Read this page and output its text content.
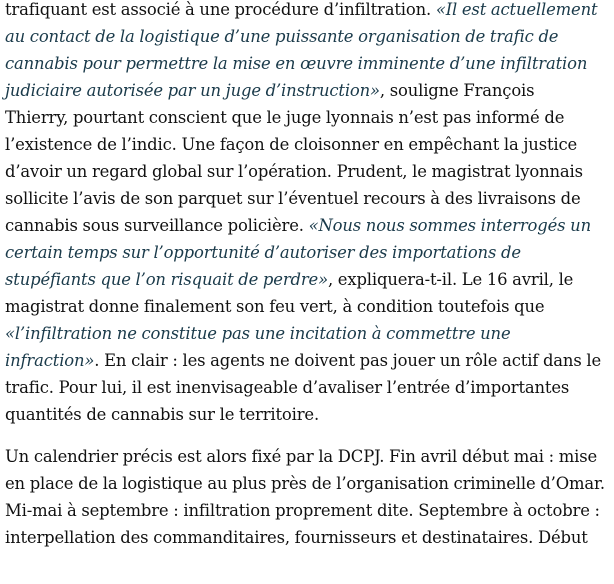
trafiquant est associé à une procédure d’infiltration. «Il est actuellement
au contact de la logistique d’une puissante organisation de trafic de
cannabis pour permettre la mise en œuvre imminente d’une infiltration
judiciaire autorisée par un juge d’instruction», souligne François
Thierry, pourtant conscient que le juge lyonnais n’est pas informé de
l’existence de l’indic. Une façon de cloisonner en empêchant la justice
d’avoir un regard global sur l’opération. Prudent, le magistrat lyonnais
sollicite l’avis de son parquet sur l’éventuel recours à des livraisons de
cannabis sous surveillance policière. «Nous nous sommes interrogés un
certain temps sur l’opportunité d’autoriser des importations de
stupéfiants que l’on risquait de perdre», expliquera-t-il. Le 16 avril, le
magistrat donne finalement son feu vert, à condition toutefois que
«l’infiltration ne constitue pas une incitation à commettre une
infraction». En clair : les agents ne doivent pas jouer un rôle actif dans le
trafic. Pour lui, il est inenvisageable d’avaliser l’entrée d’importantes
quantités de cannabis sur le territoire.
Un calendrier précis est alors fixé par la DCPJ. Fin avril début mai : mise
en place de la logistique au plus près de l’organisation criminelle d’Omar.
Mi-mai à septembre : infiltration proprement dite. Septembre à octobre :
interpellation des commanditaires, fournisseurs et destinataires. Début
